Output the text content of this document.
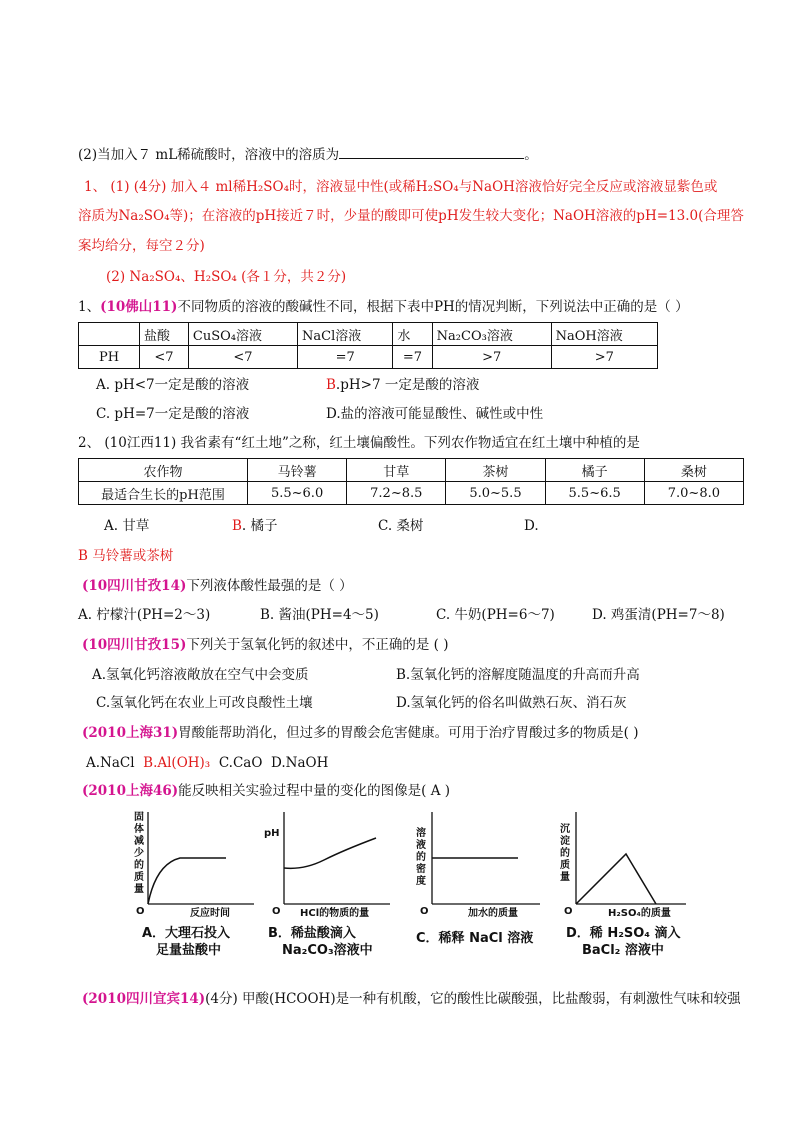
(2)当加入７ mL稀硫酸时，溶液中的溶质为	。
1、 (1) (4分) 加入４ ml稀H₂SO₄时，溶液显中性(或稀H₂SO₄与NaOH溶液恰好完全反应或溶液显紫色或
溶质为Na₂SO₄等)；在溶液的pH接近７时，少量的酸即可使pH发生较大变化；NaOH溶液的pH=13.0(合理答
案均给分，每空２分)
(2) Na₂SO₄、H₂SO₄ (各１分，共２分)
1、(10佛山11)不同物质的溶液的酸碱性不同，根据下表中PH的情况判断，下列说法中正确的是（ ）
	盐酸	CuSO₄溶液	NaCl溶液	水	Na₂CO₃溶液	NaOH溶液
PH	<7	<7	=7	=7	>7	>7
A. pH<7一定是酸的溶液	B.pH>7 一定是酸的溶液
C. pH=7一定是酸的溶液	D.盐的溶液可能显酸性、碱性或中性
2、 (10江西11) 我省素有“红土地”之称，红土壤偏酸性。下列农作物适宜在红土壤中种植的是
农作物	马铃薯	甘草	茶树	橘子	桑树
最适合生长的pH范围	5.5~6.0	7.2~8.5	5.0~5.5	5.5~6.5	7.0~8.0
A. 甘草	B. 橘子	C. 桑树	D.
B 马铃薯或茶树
(10四川甘孜14)下列液体酸性最强的是（ ）
A. 柠檬汁(PH=2～3)	B. 酱油(PH=4～5)	C. 牛奶(PH=6～7)	D. 鸡蛋清(PH=7～8)
(10四川甘孜15)下列关于氢氧化钙的叙述中，不正确的是 ( )
A.氢氧化钙溶液敞放在空气中会变质	B.氢氧化钙的溶解度随温度的升高而升高
C.氢氧化钙在农业上可改良酸性土壤	D.氢氧化钙的俗名叫做熟石灰、消石灰
(2010上海31)胃酸能帮助消化，但过多的胃酸会危害健康。可用于治疗胃酸过多的物质是( )
A.NaCl B.Al(OH)₃ C.CaO D.NaOH
(2010上海46)能反映相关实验过程中量的变化的图像是( A )
固
体
减
少
的
质
量
O	反应时间
A．大理石投入
足量盐酸中
pH
O HCl的物质的量
B．稀盐酸滴入
Na₂CO₃溶液中
溶
液
的
密
度
O	加水的质量
C．稀释 NaCl 溶液
沉
淀
的
质
量
O	H₂SO₄的质量
D．稀 H₂SO₄ 滴入
BaCl₂ 溶液中
(2010四川宜宾14)(4分) 甲酸(HCOOH)是一种有机酸，它的酸性比碳酸强，比盐酸弱，有刺激性气味和较强
